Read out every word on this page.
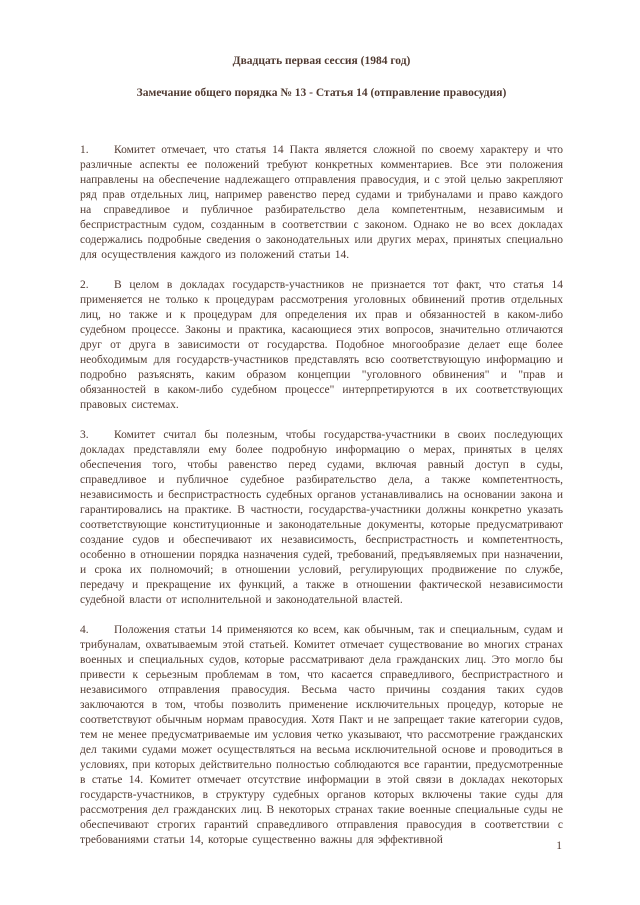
Двадцать первая сессия (1984 год)

Замечание общего порядка № 13 - Статья 14 (отправление правосудия)

1. Комитет отмечает, что статья 14 Пакта является сложной по своему характеру и что различные аспекты ее положений требуют конкретных комментариев. Все эти положения направлены на обеспечение надлежащего отправления правосудия, и с этой целью закрепляют ряд прав отдельных лиц, например равенство перед судами и трибуналами и право каждого на справедливое и публичное разбирательство дела компетентным, независимым и беспристрастным судом, созданным в соответствии с законом. Однако не во всех докладах содержались подробные сведения о законодательных или других мерах, принятых специально для осуществления каждого из положений статьи 14.

2. В целом в докладах государств-участников не признается тот факт, что статья 14 применяется не только к процедурам рассмотрения уголовных обвинений против отдельных лиц, но также и к процедурам для определения их прав и обязанностей в каком-либо судебном процессе. Законы и практика, касающиеся этих вопросов, значительно отличаются друг от друга в зависимости от государства. Подобное многообразие делает еще более необходимым для государств-участников представлять всю соответствующую информацию и подробно разъяснять, каким образом концепции "уголовного обвинения" и "прав и обязанностей в каком-либо судебном процессе" интерпретируются в их соответствующих правовых системах.

3. Комитет считал бы полезным, чтобы государства-участники в своих последующих докладах представляли ему более подробную информацию о мерах, принятых в целях обеспечения того, чтобы равенство перед судами, включая равный доступ в суды, справедливое и публичное судебное разбирательство дела, а также компетентность, независимость и беспристрастность судебных органов устанавливались на основании закона и гарантировались на практике. В частности, государства-участники должны конкретно указать соответствующие конституционные и законодательные документы, которые предусматривают создание судов и обеспечивают их независимость, беспристрастность и компетентность, особенно в отношении порядка назначения судей, требований, предъявляемых при назначении, и срока их полномочий; в отношении условий, регулирующих продвижение по службе, передачу и прекращение их функций, а также в отношении фактической независимости судебной власти от исполнительной и законодательной властей.

4. Положения статьи 14 применяются ко всем, как обычным, так и специальным, судам и трибуналам, охватываемым этой статьей. Комитет отмечает существование во многих странах военных и специальных судов, которые рассматривают дела гражданских лиц. Это могло бы привести к серьезным проблемам в том, что касается справедливого, беспристрастного и независимого отправления правосудия. Весьма часто причины создания таких судов заключаются в том, чтобы позволить применение исключительных процедур, которые не соответствуют обычным нормам правосудия. Хотя Пакт и не запрещает такие категории судов, тем не менее предусматриваемые им условия четко указывают, что рассмотрение гражданских дел такими судами может осуществляться на весьма исключительной основе и проводиться в условиях, при которых действительно полностью соблюдаются все гарантии, предусмотренные в статье 14. Комитет отмечает отсутствие информации в этой связи в докладах некоторых государств-участников, в структуру судебных органов которых включены такие суды для рассмотрения дел гражданских лиц. В некоторых странах такие военные специальные суды не обеспечивают строгих гарантий справедливого отправления правосудия в соответствии с требованиями статьи 14, которые существенно важны для эффективной	1
